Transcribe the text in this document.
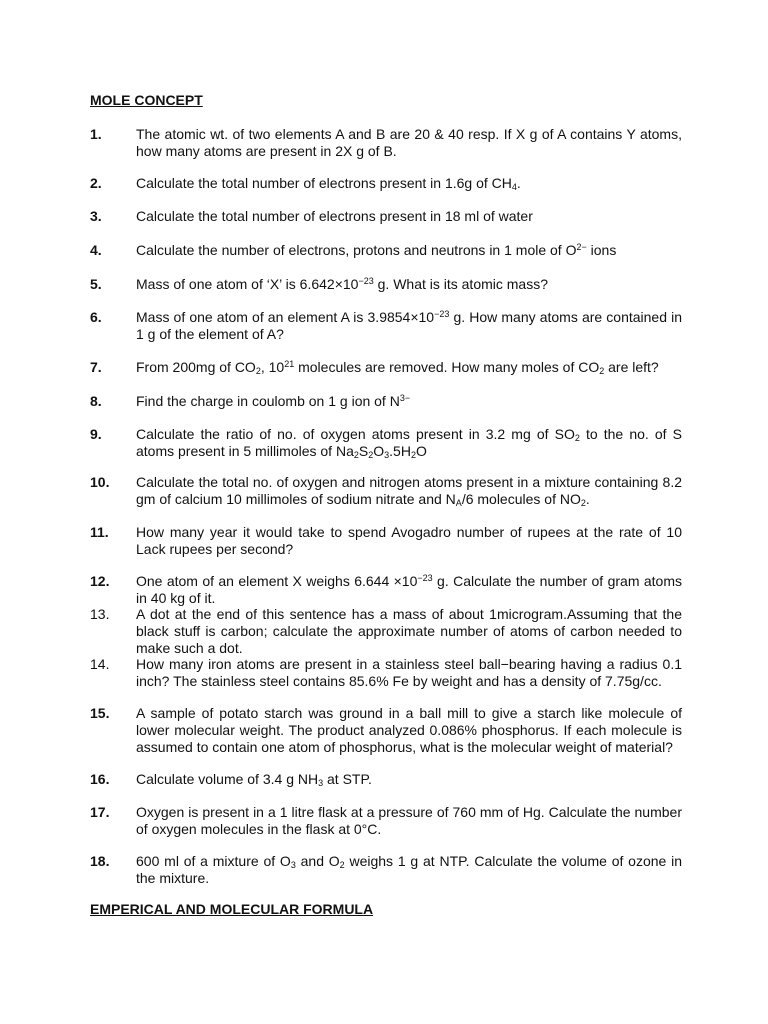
MOLE CONCEPT
1.	The atomic wt. of two elements A and B are 20 & 40 resp. If X g of A contains Y atoms, how many atoms are present in 2X g of B.
2.	Calculate the total number of electrons present in 1.6g of $CH_4$.
3.	Calculate the total number of electrons present in 18 ml of water
4.	Calculate the number of electrons, protons and neutrons in 1 mole of $O^{2-}$ ions
5.	Mass of one atom of ‘X’ is $6.642\times 10^{-23}$ g. What is its atomic mass?
6.	Mass of one atom of an element A is $3.9854\times 10^{-23}$ g. How many atoms are contained in 1 g of the element of A?
7.	From 200mg of $CO_2$, $10^{21}$ molecules are removed. How many moles of $CO_2$ are left?
8.	Find the charge in coulomb on 1 g ion of $N^{3-}$
9.	Calculate the ratio of no. of oxygen atoms present in 3.2 mg of $SO_2$ to the no. of S atoms present in 5 millimoles of $Na_2S_2O_3.5H_2O$
10.	Calculate the total no. of oxygen and nitrogen atoms present in a mixture containing 8.2 gm of calcium 10 millimoles of sodium nitrate and $N_A/6$ molecules of $NO_2$.
11.	How many year it would take to spend Avogadro number of rupees at the rate of 10 Lack rupees per second?
12.	One atom of an element X weighs $6.644 \times 10^{-23}$ g. Calculate the number of gram atoms in 40 kg of it.
13.	A dot at the end of this sentence has a mass of about 1microgram.Assuming that the black stuff is carbon; calculate the approximate number of atoms of carbon needed to make such a dot.
14.	How many iron atoms are present in a stainless steel ball−bearing having a radius 0.1 inch? The stainless steel contains 85.6% Fe by weight and has a density of 7.75g/cc.
15.	A sample of potato starch was ground in a ball mill to give a starch like molecule of lower molecular weight. The product analyzed 0.086% phosphorus. If each molecule is assumed to contain one atom of phosphorus, what is the molecular weight of material?
16.	Calculate volume of 3.4 g $NH_3$ at STP.
17.	Oxygen is present in a 1 litre flask at a pressure of 760 mm of Hg. Calculate the number of oxygen molecules in the flask at 0°C.
18.	600 ml of a mixture of $O_3$ and $O_2$ weighs 1 g at NTP. Calculate the volume of ozone in the mixture.
EMPERICAL AND MOLECULAR FORMULA
